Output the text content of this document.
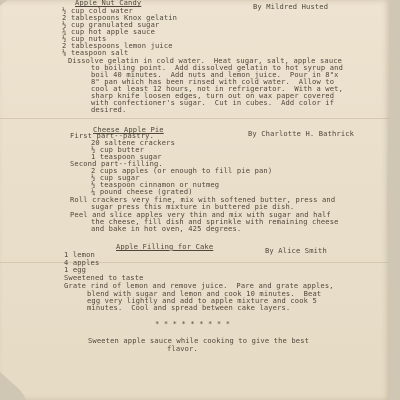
Apple Nut Candy	By Mildred Husted
½ cup cold water
2 tablespoons Knox gelatin
½ cup granulated sugar
¾ cup hot apple sauce
½ cup nuts
2 tablespoons lemon juice
⅛ teaspoon salt
Dissolve gelatin in cold water.  Heat sugar, salt, apple sauce
to boiling point.  Add dissolved gelatin to hot syrup and
boil 40 minutes.  Add nuts and lemon juice.  Pour in 8"x
8" pan which has been rinsed with cold water.  Allow to
cool at least 12 hours, not in refrigerator.  With a wet,
sharp knife loosen edges, turn out on wax paper covered
with confectioner's sugar.  Cut in cubes.  Add color if
desired.
Cheese Apple Pie	By Charlotte H. Bathrick
First part--pastry.
20 saltene crackers
½ cup butter
1 teaspoon sugar
Second part--filling.
2 cups apples (or enough to fill pie pan)
½ cup sugar
½ teaspoon cinnamon or nutmeg
¼ pound cheese (grated)
Roll crackers very fine, mix with softened butter, press and
sugar press this mixture in buttered pie dish.
Peel and slice apples very thin and mix with sugar and half
the cheese, fill dish and sprinkle with remaining cheese
and bake in hot oven, 425 degrees.
Apple Filling for Cake	By Alice Smith
1 lemon
4 apples
1 egg
Sweetened to taste
Grate rind of lemon and remove juice.  Pare and grate apples,
blend with sugar and lemon and cook 10 minutes.  Beat
egg very lightly and add to apple mixture and cook 5
minutes.  Cool and spread between cake layers.
* * * * * * * * *
Sweeten apple sauce while cooking to give the best
flavor.
